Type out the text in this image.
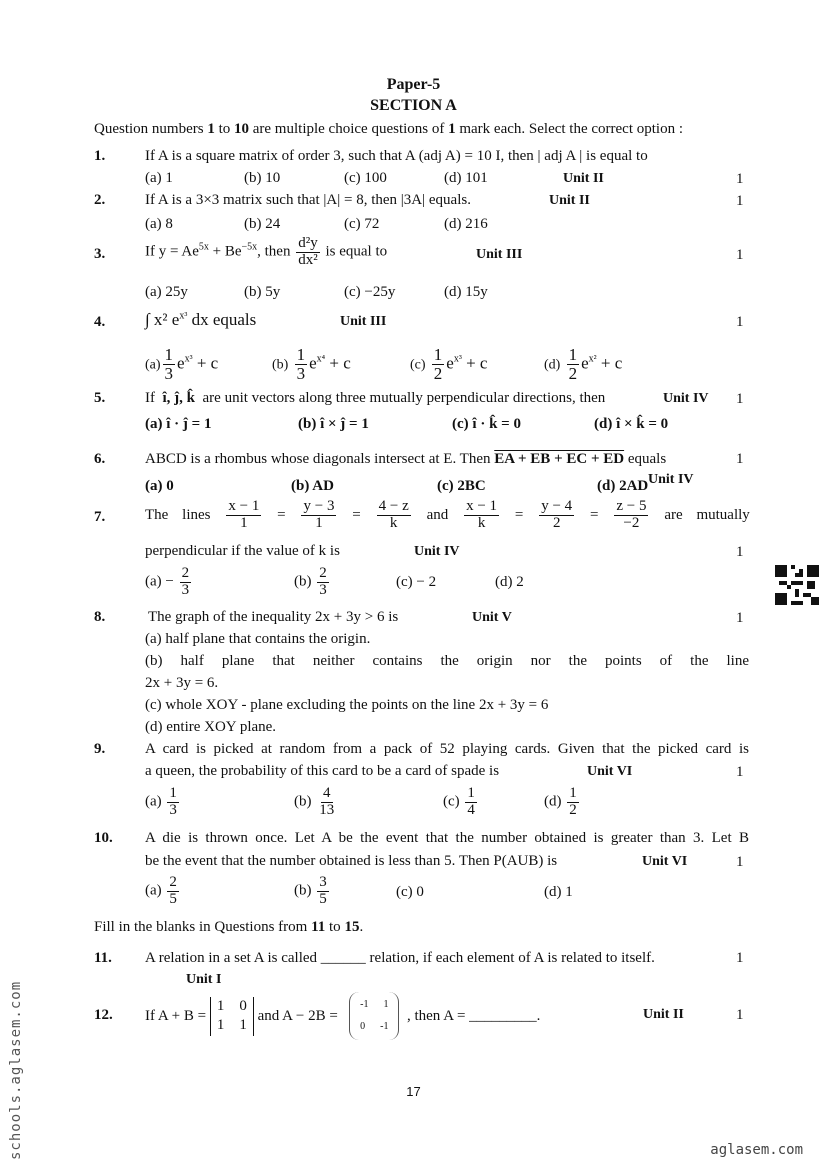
Paper-5
SECTION A
Question numbers 1 to 10 are multiple choice questions of 1 mark each. Select the correct option :
1.	If A is a square matrix of order 3, such that A (adj A) = 10 I, then | adj A | is equal to
(a) 1	(b) 10	(c) 100	(d) 101	Unit II	1
2.	If A is a 3×3 matrix such that |A| = 8, then |3A| equals.	Unit II	1
(a) 8	(b) 24	(c) 72	(d) 216
3.	If $y = Ae^{5x} + Be^{-5x}$, then $\frac{\text{d²y}}{\text{dx²}}$ is equal to	Unit III	1
(a) 25y	(b) 5y	(c) −25y	(d) 15y
4. ∫ x² $e^{x^3}$ dx equals	Unit III	1
$(a) \frac{1}{3} e^{x^3} + c$	$(b) \frac{1}{3} e^{x^4} + c$	$(c) \frac{1}{2} e^{x^3} + c$	$(d) \frac{1}{2} e^{x^2} + c$
5.	If î, ĵ, k̂ are unit vectors along three mutually perpendicular directions, then	Unit IV 1
(a) î · ĵ = 1	(b) î × ĵ = 1	(c) î · k̂ = 0	(d) î × k̂ = 0
6.	ABCD is a rhombus whose diagonals intersect at E. Then EA + EB + EC + ED equals	1
(a) 0	(b) AD	(c) 2BC	(d) 2AD Unit IV
7.	The lines $\frac{x - 1}{1} = \frac{y - 3}{1} = \frac{4 - z}{k}$ and $\frac{x - 1}{k} = \frac{y - 4}{2} = \frac{z - 5}{-2}$ are mutually
perpendicular if the value of k is	Unit IV	1
$(a) - \frac{2}{3}$	$(b) \frac{2}{3}$	(c) − 2	(d) 2
8.	The graph of the inequality 2x + 3y > 6 is	Unit V	1
(a) half plane that contains the origin.
(b) half plane that neither contains the origin nor the points of the line
2x + 3y = 6.
(c) whole XOY - plane excluding the points on the line 2x + 3y = 6
(d) entire XOY plane.
9.	A card is picked at random from a pack of 52 playing cards. Given that the picked card is
a queen, the probability of this card to be a card of spade is	Unit VI	1
$(a) \frac{1}{3}$	$(b) \frac{4}{13}$	$(c) \frac{1}{4}$	$(d) \frac{1}{2}$
10. A die is thrown once. Let A be the event that the number obtained is greater than 3. Let B
be the event that the number obtained is less than 5. Then P(AUB) is	Unit VI	1
$(a) \frac{2}{5}$	$(b) \frac{3}{5}$	(c) 0	(d) 1
Fill in the blanks in Questions from 11 to 15.
11. A relation in a set A is called ______ relation, if each element of A is related to itself.	1
Unit I
12. If A + B =

1 0
1 1

and A − 2B =

-1 1
0 -1

, then A = _________.	Unit II	1
17
schools.aglasem.com	aglasem.com
